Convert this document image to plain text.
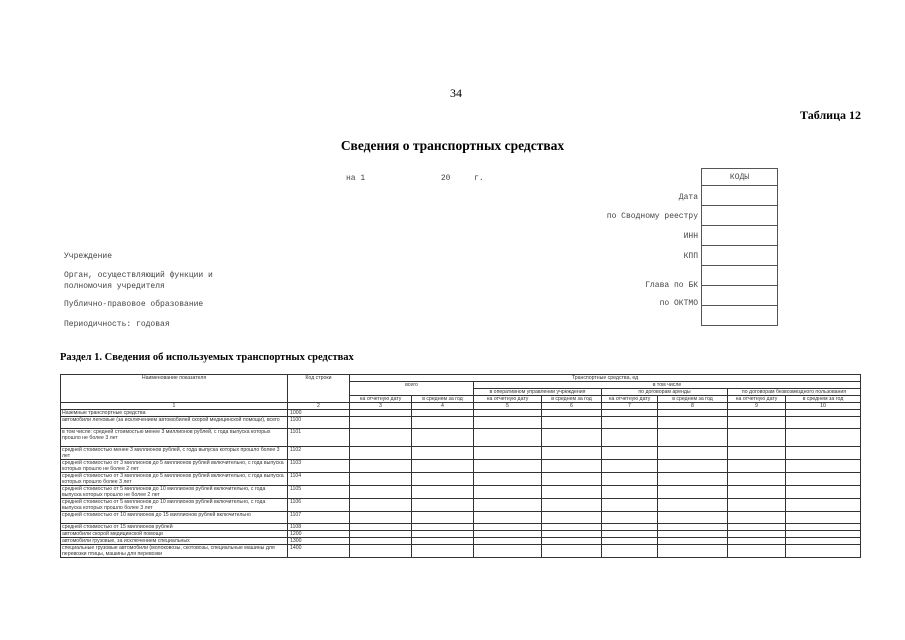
34
Таблица 12
Сведения о транспортных средствах
на 1	20	г.	КОДЫ

Дата
по Сводному реестру
ИНН
КПП
Глава по БК
по ОКТМО
Учреждение
Орган, осуществляющий функции и
полномочия учредителя
Публично-правовое образование
Периодичность: годовая
Раздел 1. Сведения об используемых транспортных средствах
Наименование показателя	Код строки	Транспортные средства, ед							
		всего		в том числе					
				в оперативном управлении учреждения		по договорам аренды		по договорам безвозмездного пользования	
		на отчетную дату	в среднем за год	на отчетную дату	в среднем за год	на отчетную дату	в среднем за год	на отчетную дату	в среднем за год
1	2	3	4	5	6	7	8	9	10
Наземные транспортные средства	1000								
автомобили легковые (за исключением автомобилей скорой медицинской помощи), всего	1100								
в том числе: средней стоимостью менее 3 миллионов рублей, с года выпуска которых прошло не более 3 лет	1101								
средней стоимостью менее 3 миллионов рублей, с года выпуска которых прошло более 3 лет	1102								
средней стоимостью от 3 миллионов до 5 миллионов рублей включительно, с года выпуска которых прошло не более 2 лет	1103								
средней стоимостью от 3 миллионов до 5 миллионов рублей включительно, с года выпуска которых прошло более 3 лет	1104								
средней стоимостью от 5 миллионов до 10 миллионов рублей включительно, с года выпуска которых прошло не более 2 лет	1105								
средней стоимостью от 5 миллионов до 10 миллионов рублей включительно, с года выпуска которых прошло более 3 лет	1106								
средней стоимостью от 10 миллионов до 15 миллионов рублей включительно	1107								
средней стоимостью от 15 миллионов рублей	1108								
автомобили скорой медицинской помощи	1200								
автомобили грузовые, за исключением специальных	1300								
специальные грузовые автомобили (молоковозы, скотовозы, специальные машины для перевозки птицы, машины для перевозки	1400								
